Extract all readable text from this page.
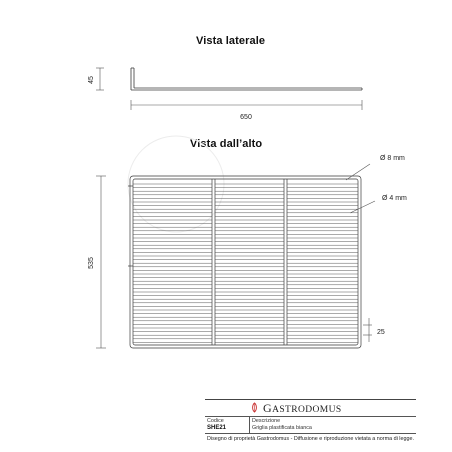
Vista laterale
Vista dall’alto
45
650
535
Ø 8 mm
Ø 4 mm
25
GASTRODOMUS
Codice
SHE21
Descrizione
Griglia plastificata bianca
Disegno di proprietà Gastrodomus - Diffusione e riproduzione vietata a norma di legge.
